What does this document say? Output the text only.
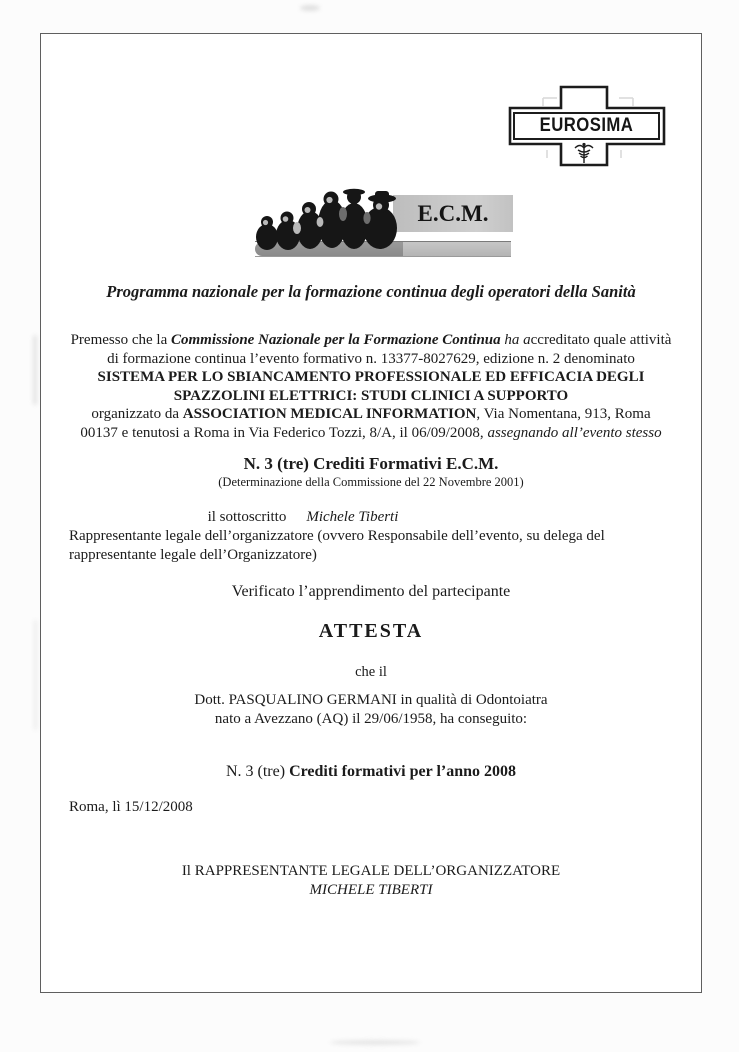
EUROSIMA
E.C.M.
Programma nazionale per la formazione continua degli operatori della Sanità
Premesso che la Commissione Nazionale per la Formazione Continua ha accreditato quale attività
di formazione continua l’evento formativo n. 13377-8027629, edizione n. 2 denominato
SISTEMA PER LO SBIANCAMENTO PROFESSIONALE ED EFFICACIA DEGLI
SPAZZOLINI ELETTRICI: STUDI CLINICI A SUPPORTO
organizzato da ASSOCIATION MEDICAL INFORMATION, Via Nomentana, 913, Roma
00137 e tenutosi a Roma in Via Federico Tozzi, 8/A, il 06/09/2008, assegnando all’evento stesso
N. 3 (tre) Crediti Formativi E.C.M.
(Determinazione della Commissione del 22 Novembre 2001)
il sottoscritto Michele Tiberti
Rappresentante legale dell’organizzatore (ovvero Responsabile dell’evento, su delega del
rappresentante legale dell’Organizzatore)
Verificato l’apprendimento del partecipante
ATTESTA
che il
Dott. PASQUALINO GERMANI in qualità di Odontoiatra
nato a Avezzano (AQ) il 29/06/1958, ha conseguito:
N. 3 (tre) Crediti formativi per l’anno 2008
Roma, lì 15/12/2008
Il RAPPRESENTANTE LEGALE DELL’ORGANIZZATORE
MICHELE TIBERTI
